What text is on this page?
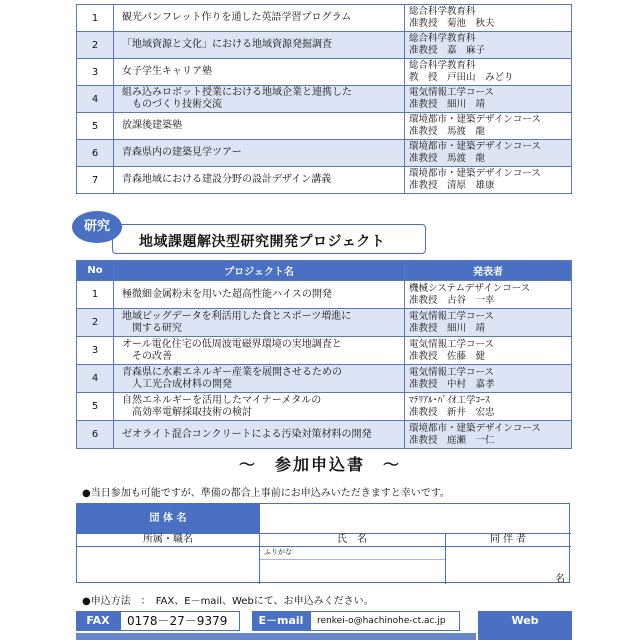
1	観光パンフレット作りを通した英語学習プログラム	総合科学教育科
准教授　菊池　秋夫

2	「地域資源と文化」における地域資源発掘調査	総合科学教育科
准教授　嘉　麻子

3	女子学生キャリア塾	総合科学教育科
教　授　戸田山　みどり

4	組み込みロボット授業における地域企業と連携した
　ものづくり技術交流	電気情報工学コース
准教授　細川　靖

5	放課後建築塾	環境都市・建築デザインコース
准教授　馬渡　龍

6	青森県内の建築見学ツアー	環境都市・建築デザインコース
准教授　馬渡　龍

7	青森地域における建設分野の設計デザイン講義	環境都市・建築デザインコース
准教授　清原　雄康
研究
地域課題解決型研究開発プロジェクト
No	プロジェクト名	発表者
1	極微細金属粉末を用いた超高性能ハイスの開発	機械システムデザインコース
准教授　古谷　一幸

2	地域ビッグデータを利活用した食とスポーツ増進に
　関する研究	電気情報工学コース
准教授　細川　靖

3	オール電化住宅の低周波電磁界環境の実地調査と
　その改善	電気情報工学コース
准教授　佐藤　健

4	青森県に水素エネルギー産業を展開させるための
　人工光合成材料の開発	電気情報工学コース
准教授　中村　嘉孝

5	自然エネルギーを活用したマイナーメタルの
　高効率電解採取技術の検討	ﾏﾃﾘｱﾙ･ﾊﾞｲｵ工学ｺｰｽ
准教授　新井　宏忠

6	ゼオライト混合コンクリートによる汚染対策材料の開発	環境都市・建築デザインコース
准教授　庭瀬　一仁
～　参加申込書　～
●当日参加も可能ですが、準備の都合上事前にお申込みいただきますと幸いです。
団 体 名
所属・職名	氏　名	同 伴 者
ふりがな
名
●申込方法　：　FAX、E－mail、Webにて、お申込みください。
FAX	0178－27－9379	E－mail	renkei-o@hachinohe-ct.ac.jp	Web
